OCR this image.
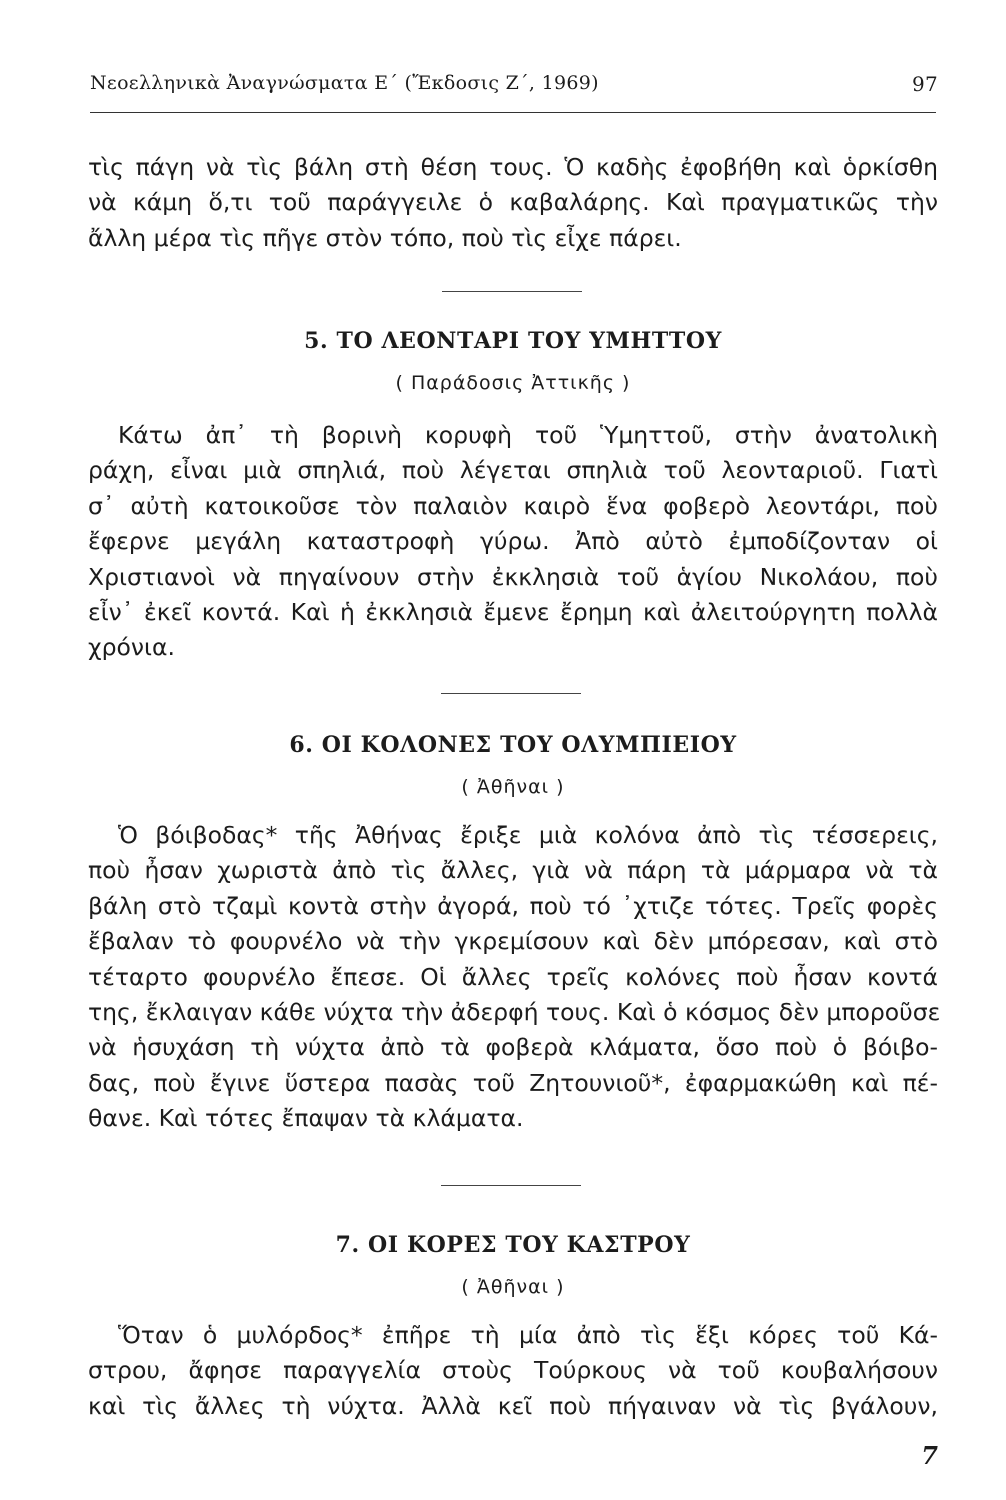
Νεοελληνικὰ Ἀναγνώσματα Ε΄ (Ἔκδοσις Ζ΄, 1969)	97
τὶς πάγη νὰ τὶς βάλη στὴ θέση τους. Ὁ καδὴς ἐφοβήθη καὶ ὁρκίσθη
νὰ κάμη ὅ,τι τοῦ παράγγειλε ὁ καβαλάρης. Καὶ πραγματικῶς τὴν
ἄλλη μέρα τὶς πῆγε στὸν τόπο, ποὺ τὶς εἶχε πάρει.
5. ΤΟ ΛΕΟΝΤΑΡΙ ΤΟΥ ΥΜΗΤΤΟΥ
( Παράδοσις Ἀττικῆς )
Κάτω ἀπ᾿ τὴ βορινὴ κορυφὴ τοῦ Ὑμηττοῦ, στὴν ἀνατολικὴ
ράχη, εἶναι μιὰ σπηλιά, ποὺ λέγεται σπηλιὰ τοῦ λεονταριοῦ. Γιατὶ
σ᾿ αὐτὴ κατοικοῦσε τὸν παλαιὸν καιρὸ ἕνα φοβερὸ λεοντάρι, ποὺ
ἔφερνε μεγάλη καταστροφὴ γύρω. Ἀπὸ αὐτὸ ἐμποδίζονταν οἱ
Χριστιανοὶ νὰ πηγαίνουν στὴν ἐκκλησιὰ τοῦ ἁγίου Νικολάου, ποὺ
εἶν᾿ ἐκεῖ κοντά. Καὶ ἡ ἐκκλησιὰ ἔμενε ἔρημη καὶ ἀλειτούργητη πολλὰ
χρόνια.
6. ΟΙ ΚΟΛΟΝΕΣ ΤΟΥ ΟΛΥΜΠΙΕΙΟΥ
( Ἀθῆναι )
Ὁ βόιβοδας* τῆς Ἀθήνας ἔριξε μιὰ κολόνα ἀπὸ τὶς τέσσερεις,
ποὺ ἦσαν χωριστὰ ἀπὸ τὶς ἄλλες, γιὰ νὰ πάρη τὰ μάρμαρα νὰ τὰ
βάλη στὸ τζαμὶ κοντὰ στὴν ἀγορά, ποὺ τό ᾿χτιζε τότες. Τρεῖς φορὲς
ἔβαλαν τὸ φουρνέλο νὰ τὴν γκρεμίσουν καὶ δὲν μπόρεσαν, καὶ στὸ
τέταρτο φουρνέλο ἔπεσε. Οἱ ἄλλες τρεῖς κολόνες ποὺ ἦσαν κοντά
της, ἔκλαιγαν κάθε νύχτα τὴν ἀδερφή τους. Καὶ ὁ κόσμος δὲν μποροῦσε
νὰ ἡσυχάση τὴ νύχτα ἀπὸ τὰ φοβερὰ κλάματα, ὅσο ποὺ ὁ βόιβο-
δας, ποὺ ἔγινε ὕστερα πασὰς τοῦ Ζητουνιοῦ*, ἐφαρμακώθη καὶ πέ-
θανε. Καὶ τότες ἔπαψαν τὰ κλάματα.
7. ΟΙ ΚΟΡΕΣ ΤΟΥ ΚΑΣΤΡΟΥ
( Ἀθῆναι )
Ὅταν ὁ μυλόρδος* ἐπῆρε τὴ μία ἀπὸ τὶς ἕξι κόρες τοῦ Κά-
στρου, ἄφησε παραγγελία στοὺς Τούρκους νὰ τοῦ κουβαλήσουν
καὶ τὶς ἄλλες τὴ νύχτα. Ἀλλὰ κεῖ ποὺ πήγαιναν νὰ τὶς βγάλουν,
7
